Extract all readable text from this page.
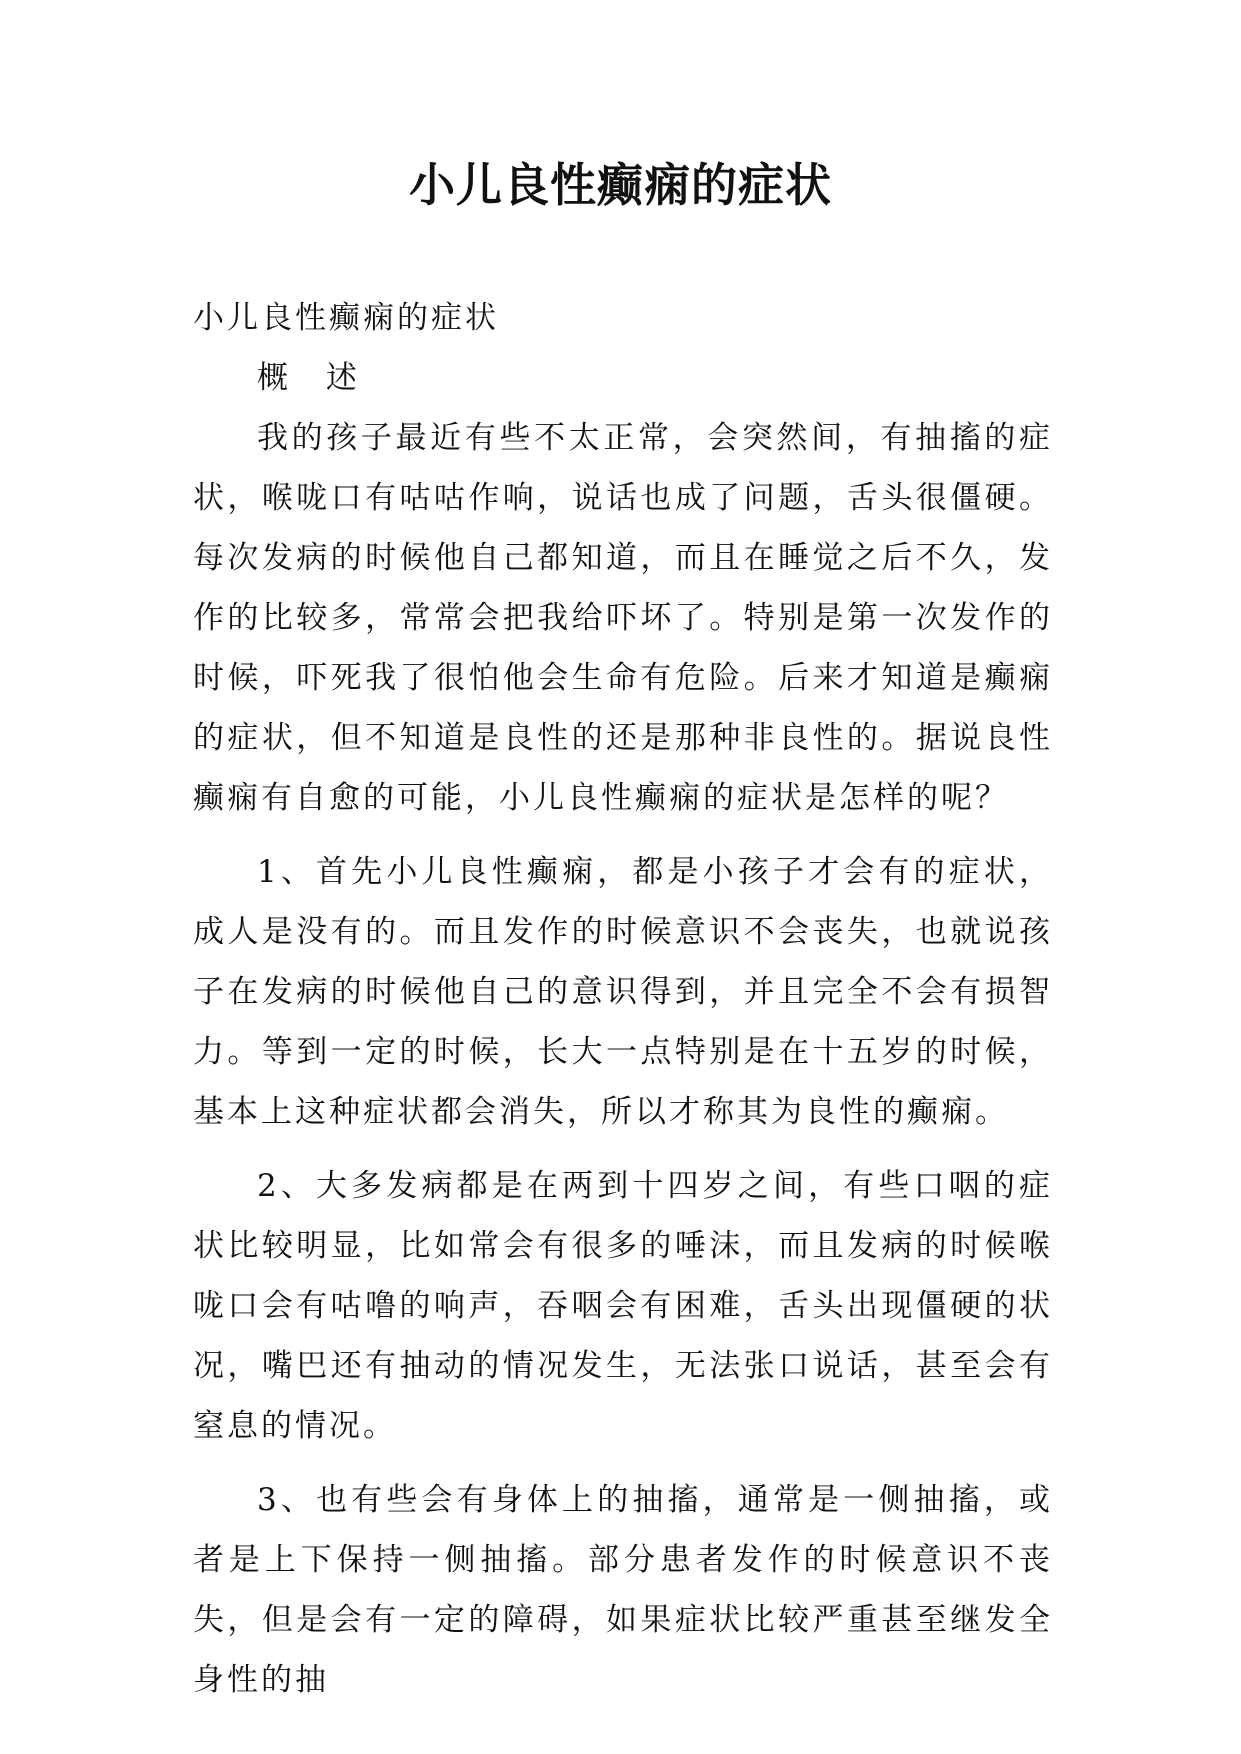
小儿良性癫痫的症状

小儿良性癫痫的症状

概 述

我的孩子最近有些不太正常，会突然间，有抽搐的症状，喉咙口有咕咕作响，说话也成了问题，舌头很僵硬。每次发病的时候他自己都知道，而且在睡觉之后不久，发作的比较多，常常会把我给吓坏了。特别是第一次发作的时候，吓死我了很怕他会生命有危险。后来才知道是癫痫的症状，但不知道是良性的还是那种非良性的。据说良性癫痫有自愈的可能，小儿良性癫痫的症状是怎样的呢？

1、首先小儿良性癫痫，都是小孩子才会有的症状，成人是没有的。而且发作的时候意识不会丧失，也就说孩子在发病的时候他自己的意识得到，并且完全不会有损智力。等到一定的时候，长大一点特别是在十五岁的时候，基本上这种症状都会消失，所以才称其为良性的癫痫。

2、大多发病都是在两到十四岁之间，有些口咽的症状比较明显，比如常会有很多的唾沫，而且发病的时候喉咙口会有咕噜的响声，吞咽会有困难，舌头出现僵硬的状况，嘴巴还有抽动的情况发生，无法张口说话，甚至会有窒息的情况。

3、也有些会有身体上的抽搐，通常是一侧抽搐，或者是上下保持一侧抽搐。部分患者发作的时候意识不丧失，但是会有一定的障碍，如果症状比较严重甚至继发全身性的抽
